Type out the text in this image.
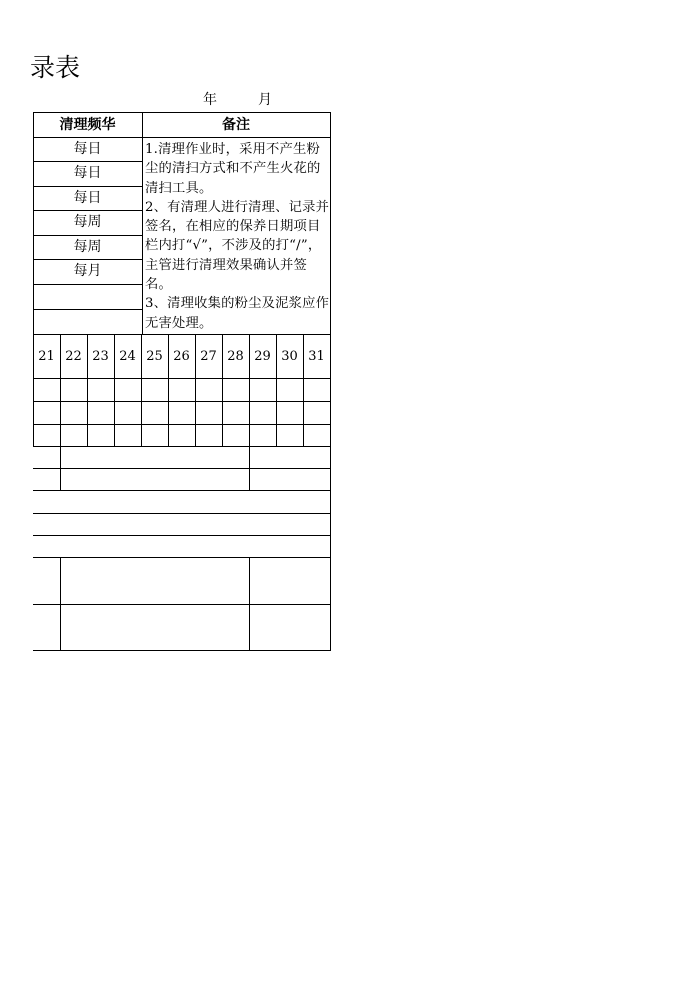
录表
年	月
清理频华	备注
每日
每日
每日
每周
每周
每月

1.清理作业时，采用不产生粉尘的清扫方式和不产生火花的清扫工具。

2、有清理人进行清理、记录并签名，在相应的保养日期项目栏内打“√”，不涉及的打“/”，主管进行清理效果确认并签名。

3、清理收集的粉尘及泥浆应作无害处理。

21 22 23 24 25 26 27 28 29 30 31
